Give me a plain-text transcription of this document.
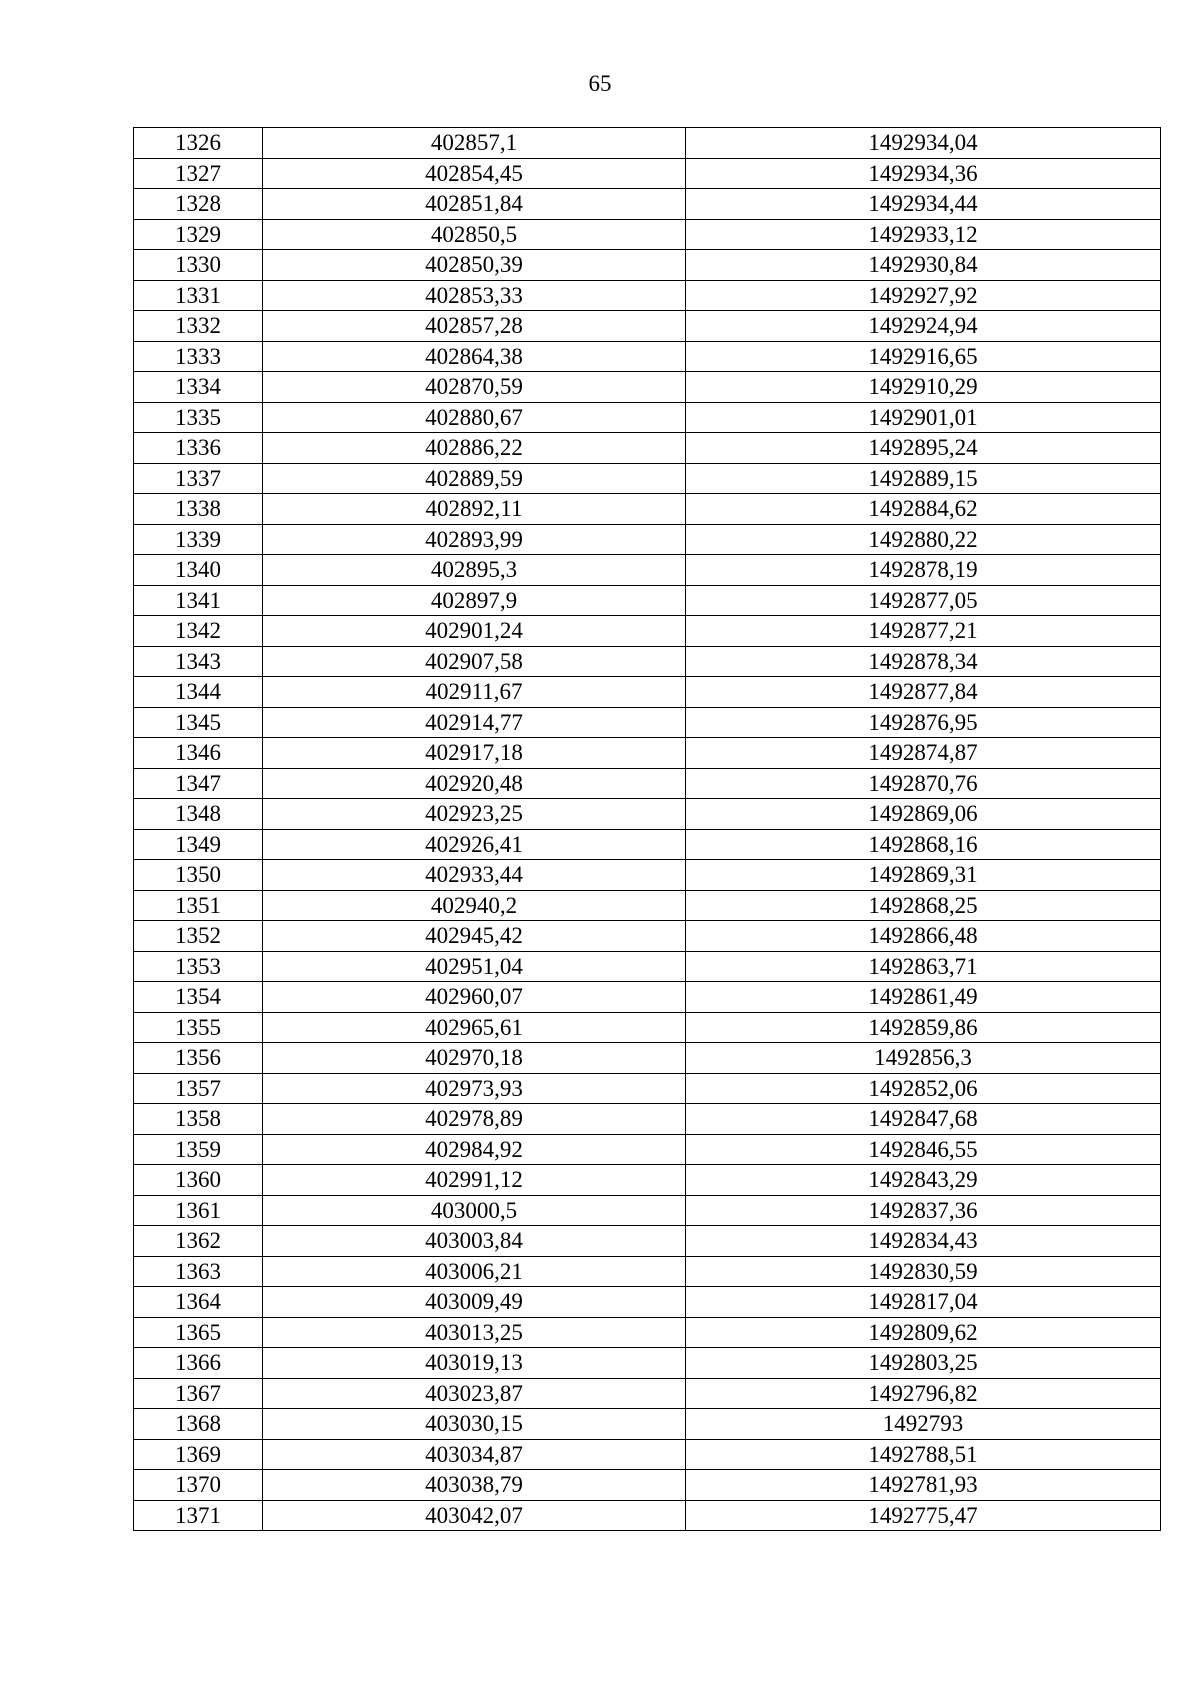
65
1326	402857,1	1492934,04
1327	402854,45	1492934,36
1328	402851,84	1492934,44
1329	402850,5	1492933,12
1330	402850,39	1492930,84
1331	402853,33	1492927,92
1332	402857,28	1492924,94
1333	402864,38	1492916,65
1334	402870,59	1492910,29
1335	402880,67	1492901,01
1336	402886,22	1492895,24
1337	402889,59	1492889,15
1338	402892,11	1492884,62
1339	402893,99	1492880,22
1340	402895,3	1492878,19
1341	402897,9	1492877,05
1342	402901,24	1492877,21
1343	402907,58	1492878,34
1344	402911,67	1492877,84
1345	402914,77	1492876,95
1346	402917,18	1492874,87
1347	402920,48	1492870,76
1348	402923,25	1492869,06
1349	402926,41	1492868,16
1350	402933,44	1492869,31
1351	402940,2	1492868,25
1352	402945,42	1492866,48
1353	402951,04	1492863,71
1354	402960,07	1492861,49
1355	402965,61	1492859,86
1356	402970,18	1492856,3
1357	402973,93	1492852,06
1358	402978,89	1492847,68
1359	402984,92	1492846,55
1360	402991,12	1492843,29
1361	403000,5	1492837,36
1362	403003,84	1492834,43
1363	403006,21	1492830,59
1364	403009,49	1492817,04
1365	403013,25	1492809,62
1366	403019,13	1492803,25
1367	403023,87	1492796,82
1368	403030,15	1492793
1369	403034,87	1492788,51
1370	403038,79	1492781,93
1371	403042,07	1492775,47
